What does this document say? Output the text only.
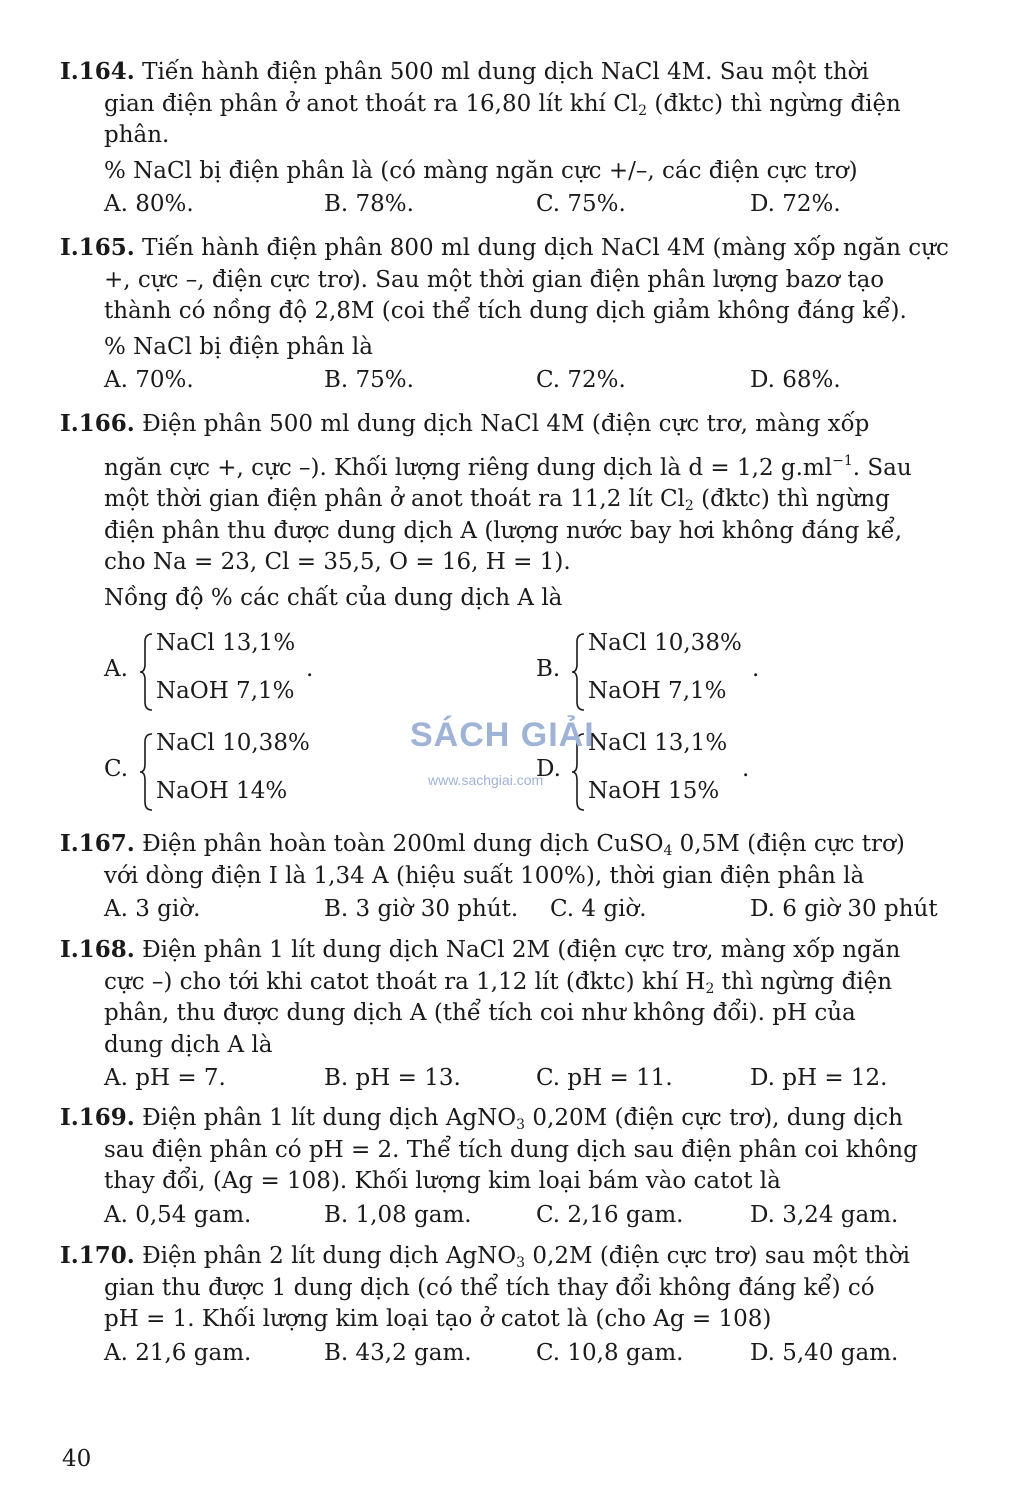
I.164. Tiến hành điện phân 500 ml dung dịch NaCl 4M. Sau một thời

gian điện phân ở anot thoát ra 16,80 lít khí $Cl_2$ (đktc) thì ngừng điện

phân.

% NaCl bị điện phân là (có màng ngăn cực +/–, các điện cực trơ)

A. 80%.	B. 78%.	C. 75%.	D. 72%.

I.165. Tiến hành điện phân 800 ml dung dịch NaCl 4M (màng xốp ngăn cực

+, cực –, điện cực trơ). Sau một thời gian điện phân lượng bazơ tạo

thành có nồng độ 2,8M (coi thể tích dung dịch giảm không đáng kể).

% NaCl bị điện phân là

A. 70%.	B. 75%.	C. 72%.	D. 68%.

I.166. Điện phân 500 ml dung dịch NaCl 4M (điện cực trơ, màng xốp

ngăn cực +, cực –). Khối lượng riêng dung dịch là d = 1,2 $g.ml^{-1}$. Sau

một thời gian điện phân ở anot thoát ra 11,2 lít $Cl_2$ (đktc) thì ngừng

điện phân thu được dung dịch A (lượng nước bay hơi không đáng kể,

cho Na = 23, Cl = 35,5, O = 16, H = 1).

Nồng độ % các chất của dung dịch A là

A.
NaCl 13,1%
NaOH 7,1%
.	B.
NaCl 10,38%
NaOH 7,1%
.
C.
NaCl 10,38%
NaOH 14%
D.
NaCl 13,1%
NaOH 15%
.
SÁCH GIẢI
www.sachgiai.com

I.167. Điện phân hoàn toàn 200ml dung dịch CuSO$_4$ 0,5M (điện cực trơ)

với dòng điện I là 1,34 A (hiệu suất 100%), thời gian điện phân là

A. 3 giờ.	B. 3 giờ 30 phút. C. 4 giờ.	D. 6 giờ 30 phút

I.168. Điện phân 1 lít dung dịch NaCl 2M (điện cực trơ, màng xốp ngăn

cực –) cho tới khi catot thoát ra 1,12 lít (đktc) khí $H_2$ thì ngừng điện

phân, thu được dung dịch A (thể tích coi như không đổi). pH của

dung dịch A là

A. pH = 7.	B. pH = 13.	C. pH = 11.	D. pH = 12.

I.169. Điện phân 1 lít dung dịch AgNO$_3$ 0,20M (điện cực trơ), dung dịch

sau điện phân có pH = 2. Thể tích dung dịch sau điện phân coi không

thay đổi, (Ag = 108). Khối lượng kim loại bám vào catot là

A. 0,54 gam.	B. 1,08 gam.	C. 2,16 gam.	D. 3,24 gam.

I.170. Điện phân 2 lít dung dịch AgNO$_3$ 0,2M (điện cực trơ) sau một thời

gian thu được 1 dung dịch (có thể tích thay đổi không đáng kể) có

pH = 1. Khối lượng kim loại tạo ở catot là (cho Ag = 108)

A. 21,6 gam.	B. 43,2 gam.	C. 10,8 gam.	D. 5,40 gam.
40
